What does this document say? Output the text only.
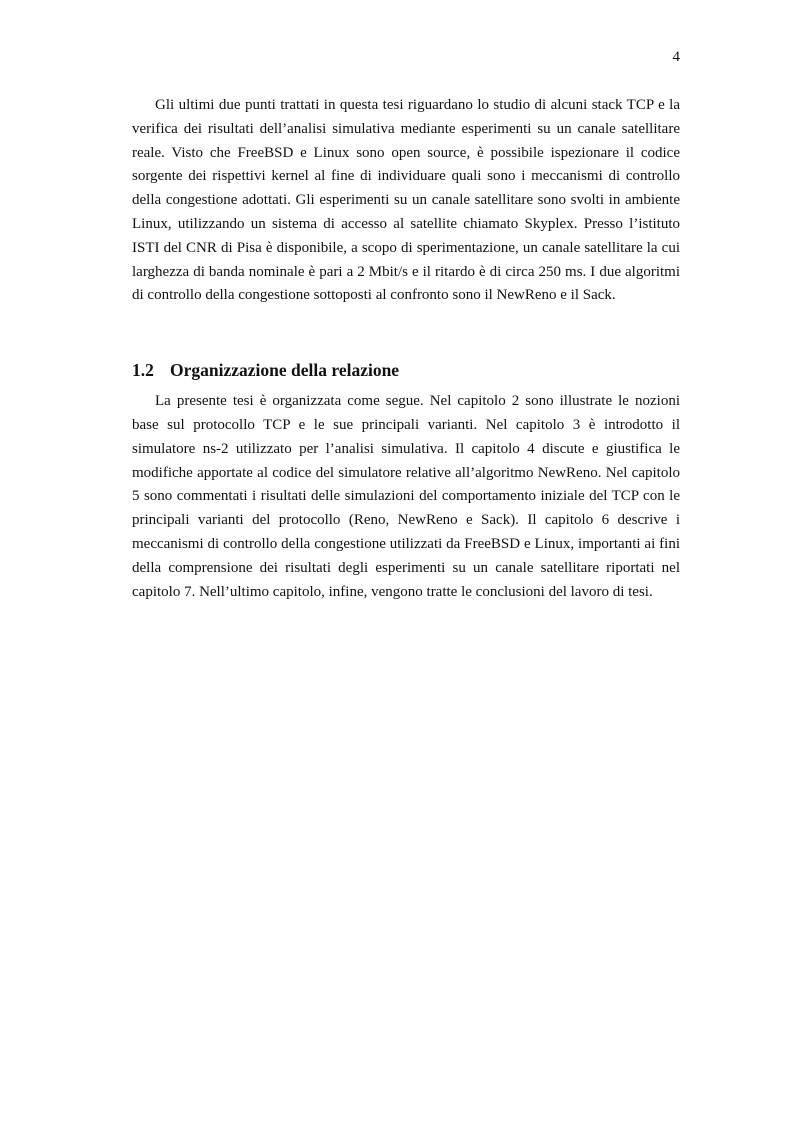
4

Gli ultimi due punti trattati in questa tesi riguardano lo studio di alcuni stack TCP e la verifica dei risultati dell’analisi simulativa mediante esperimenti su un canale satellitare reale. Visto che FreeBSD e Linux sono open source, è possibile ispezionare il codice sorgente dei rispettivi kernel al fine di individuare quali sono i meccanismi di controllo della congestione adottati. Gli esperimenti su un canale satellitare sono svolti in ambiente Linux, utilizzando un sistema di accesso al satellite chiamato Skyplex. Presso l’istituto ISTI del CNR di Pisa è disponibile, a scopo di sperimentazione, un canale satellitare la cui larghezza di banda nominale è pari a 2 Mbit/s e il ritardo è di circa 250 ms. I due algoritmi di controllo della congestione sottoposti al confronto sono il NewReno e il Sack.

1.2 Organizzazione della relazione

La presente tesi è organizzata come segue. Nel capitolo 2 sono illustrate le nozioni base sul protocollo TCP e le sue principali varianti. Nel capitolo 3 è introdotto il simulatore ns-2 utilizzato per l’analisi simulativa. Il capitolo 4 discute e giustifica le modifiche apportate al codice del simulatore relative all’algoritmo NewReno. Nel capitolo 5 sono commentati i risultati delle simulazioni del comportamento iniziale del TCP con le principali varianti del protocollo (Reno, NewReno e Sack). Il capitolo 6 descrive i meccanismi di controllo della congestione utilizzati da FreeBSD e Linux, importanti ai fini della comprensione dei risultati degli esperimenti su un canale satellitare riportati nel capitolo 7. Nell’ultimo capitolo, infine, vengono tratte le conclusioni del lavoro di tesi.
